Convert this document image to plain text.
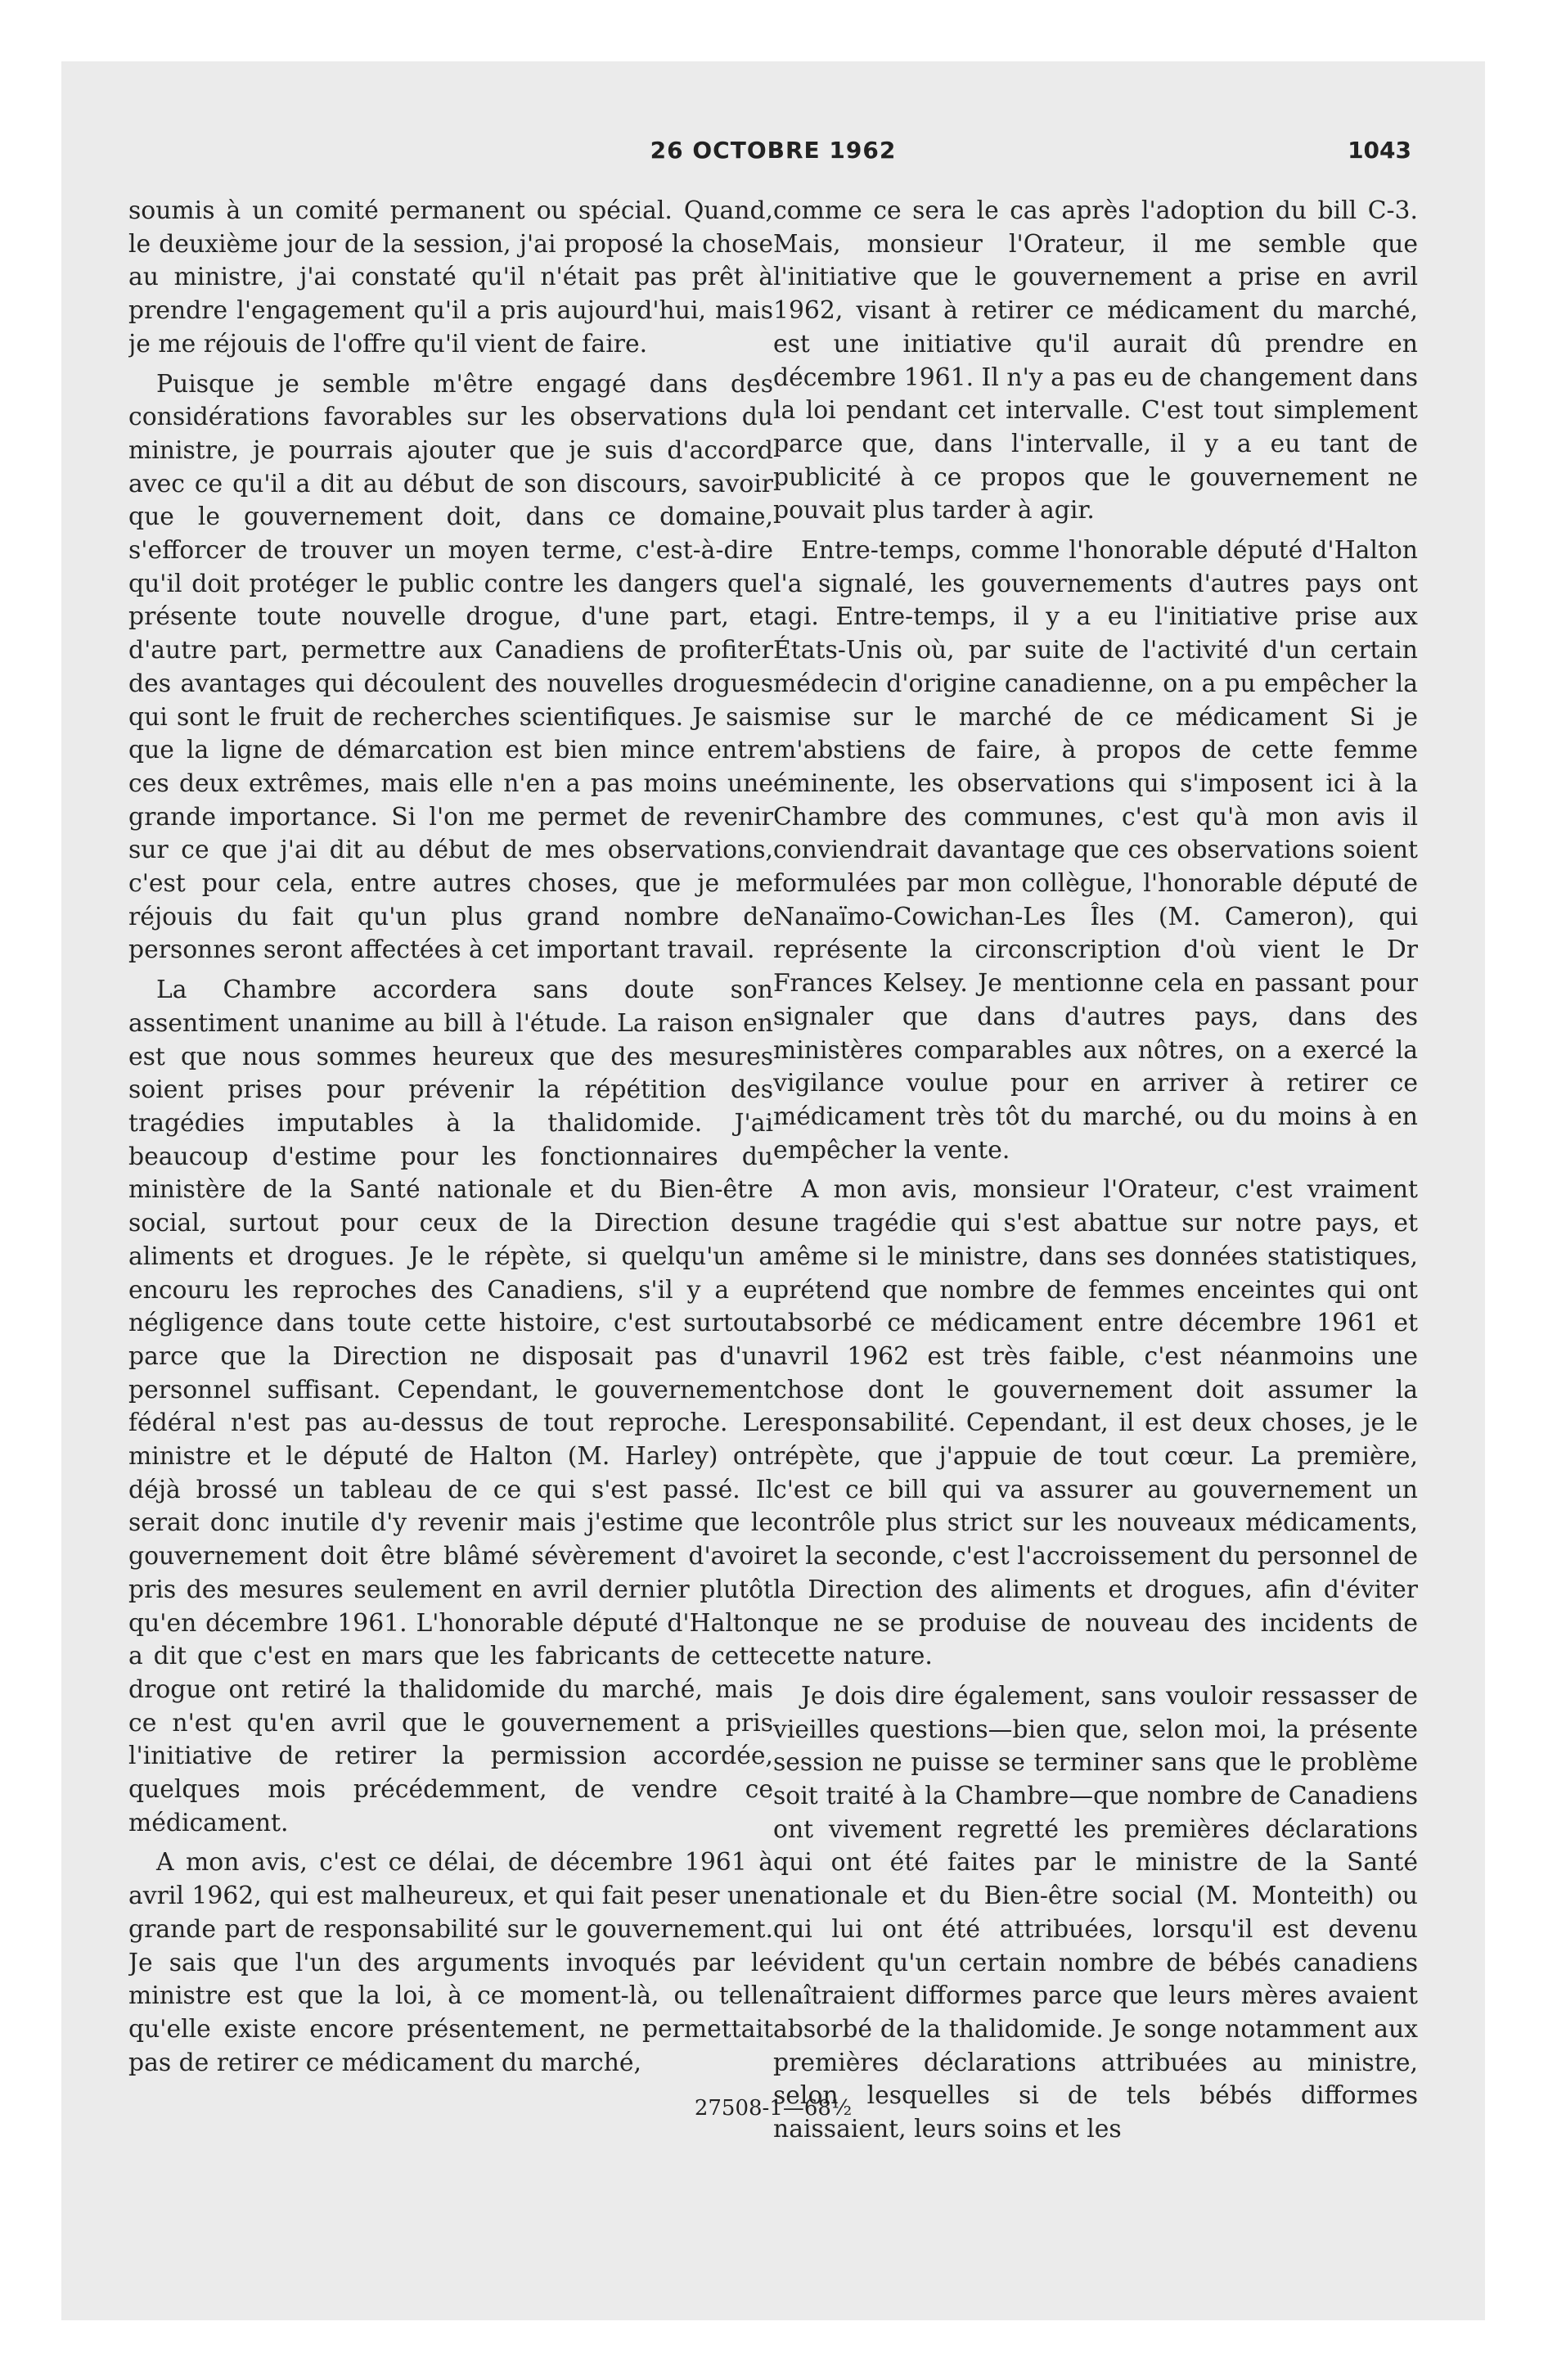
26 OCTOBRE 1962	1043

soumis à un comité permanent ou spécial. Quand, le deuxième jour de la session, j'ai proposé la chose au ministre, j'ai constaté qu'il n'était pas prêt à prendre l'engagement qu'il a pris aujourd'hui, mais je me réjouis de l'offre qu'il vient de faire.

Puisque je semble m'être engagé dans des considérations favorables sur les observations du ministre, je pourrais ajouter que je suis d'accord avec ce qu'il a dit au début de son discours, savoir que le gouvernement doit, dans ce domaine, s'efforcer de trouver un moyen terme, c'est-à-dire qu'il doit protéger le public contre les dangers que présente toute nouvelle drogue, d'une part, et d'autre part, permettre aux Canadiens de profiter des avantages qui découlent des nouvelles drogues qui sont le fruit de recherches scientifiques. Je sais que la ligne de démarcation est bien mince entre ces deux extrêmes, mais elle n'en a pas moins une grande importance. Si l'on me permet de revenir sur ce que j'ai dit au début de mes observations, c'est pour cela, entre autres choses, que je me réjouis du fait qu'un plus grand nombre de personnes seront affectées à cet important travail.

La Chambre accordera sans doute son assentiment unanime au bill à l'étude. La raison en est que nous sommes heureux que des mesures soient prises pour prévenir la répétition des tragédies imputables à la thalidomide. J'ai beaucoup d'estime pour les fonctionnaires du ministère de la Santé nationale et du Bien-être social, surtout pour ceux de la Direction des aliments et drogues. Je le répète, si quelqu'un a encouru les reproches des Canadiens, s'il y a eu négligence dans toute cette histoire, c'est surtout parce que la Direction ne disposait pas d'un personnel suffisant. Cependant, le gouvernement fédéral n'est pas au-dessus de tout reproche. Le ministre et le député de Halton (M. Harley) ont déjà brossé un tableau de ce qui s'est passé. Il serait donc inutile d'y revenir mais j'estime que le gouvernement doit être blâmé sévèrement d'avoir pris des mesures seulement en avril dernier plutôt qu'en décembre 1961. L'honorable député d'Halton a dit que c'est en mars que les fabricants de cette drogue ont retiré la thalidomide du marché, mais ce n'est qu'en avril que le gouvernement a pris l'initiative de retirer la permission accordée, quelques mois précédemment, de vendre ce médicament.

A mon avis, c'est ce délai, de décembre 1961 à avril 1962, qui est malheureux, et qui fait peser une grande part de responsabilité sur le gouvernement. Je sais que l'un des arguments invoqués par le ministre est que la loi, à ce moment-là, ou telle qu'elle existe encore présentement, ne permettait pas de retirer ce médicament du marché,

comme ce sera le cas après l'adoption du bill C-3. Mais, monsieur l'Orateur, il me semble que l'initiative que le gouvernement a prise en avril 1962, visant à retirer ce médicament du marché, est une initiative qu'il aurait dû prendre en décembre 1961. Il n'y a pas eu de changement dans la loi pendant cet intervalle. C'est tout simplement parce que, dans l'intervalle, il y a eu tant de publicité à ce propos que le gouvernement ne pouvait plus tarder à agir.

Entre-temps, comme l'honorable député d'Halton l'a signalé, les gouvernements d'autres pays ont agi. Entre-temps, il y a eu l'initiative prise aux États-Unis où, par suite de l'activité d'un certain médecin d'origine canadienne, on a pu empêcher la mise sur le marché de ce médicament Si je m'abstiens de faire, à propos de cette femme éminente, les observations qui s'imposent ici à la Chambre des communes, c'est qu'à mon avis il conviendrait davantage que ces observations soient formulées par mon collègue, l'honorable député de Nanaïmo-Cowichan-Les Îles (M. Cameron), qui représente la circonscription d'où vient le Dr Frances Kelsey. Je mentionne cela en passant pour signaler que dans d'autres pays, dans des ministères comparables aux nôtres, on a exercé la vigilance voulue pour en arriver à retirer ce médicament très tôt du marché, ou du moins à en empêcher la vente.

A mon avis, monsieur l'Orateur, c'est vraiment une tragédie qui s'est abattue sur notre pays, et même si le ministre, dans ses données statistiques, prétend que nombre de femmes enceintes qui ont absorbé ce médicament entre décembre 1961 et avril 1962 est très faible, c'est néanmoins une chose dont le gouvernement doit assumer la responsabilité. Cependant, il est deux choses, je le répète, que j'appuie de tout cœur. La première, c'est ce bill qui va assurer au gouvernement un contrôle plus strict sur les nouveaux médicaments, et la seconde, c'est l'accroissement du personnel de la Direction des aliments et drogues, afin d'éviter que ne se produise de nouveau des incidents de cette nature.

Je dois dire également, sans vouloir ressasser de vieilles questions—bien que, selon moi, la présente session ne puisse se terminer sans que le problème soit traité à la Chambre—que nombre de Canadiens ont vivement regretté les premières déclarations qui ont été faites par le ministre de la Santé nationale et du Bien-être social (M. Monteith) ou qui lui ont été attribuées, lorsqu'il est devenu évident qu'un certain nombre de bébés canadiens naîtraient difformes parce que leurs mères avaient absorbé de la thalidomide. Je songe notamment aux premières déclarations attribuées au ministre, selon lesquelles si de tels bébés difformes naissaient, leurs soins et les

27508-1—68½
